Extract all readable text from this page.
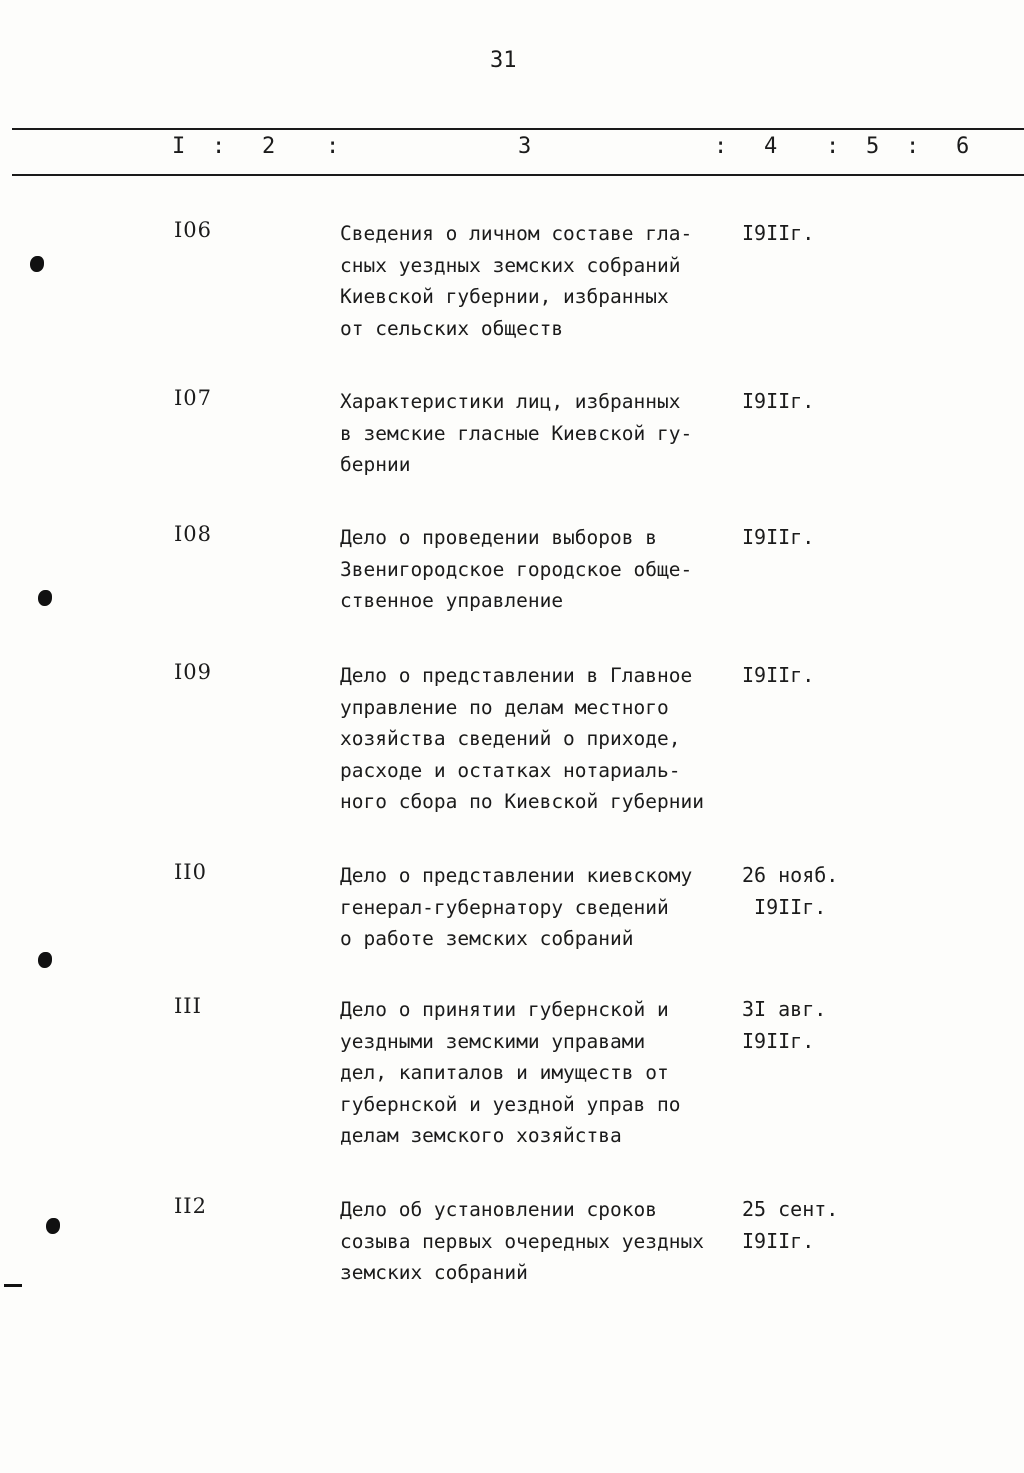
31
I : 2 :	3	: 4 : 5 : 6
I06	Сведения о личном составе гла-
сных уездных земских собраний
Киевской губернии, избранных
от сельских обществ
I9IIг.
I07	Характеристики лиц, избранных
в земские гласные Киевской гу-
бернии
I9IIг.
I08	Дело о проведении выборов в
Звенигородское городское обще-
ственное управление
I9IIг.
I09	Дело о представлении в Главное
управление по делам местного
хозяйства сведений о приходе,
расходе и остатках нотариаль-
ного сбора по Киевской губернии
I9IIг.
II0	Дело о представлении киевскому
генерал-губернатору сведений
о работе земских собраний
26 нояб.
I9IIг.
III	Дело о принятии губернской и
уездными земскими управами
дел, капиталов и имуществ от
губернской и уездной управ по
делам земского хозяйства
3I авг.
I9IIг.
II2	Дело об установлении сроков
созыва первых очередных уездных
земских собраний
25 сент.
I9IIг.
